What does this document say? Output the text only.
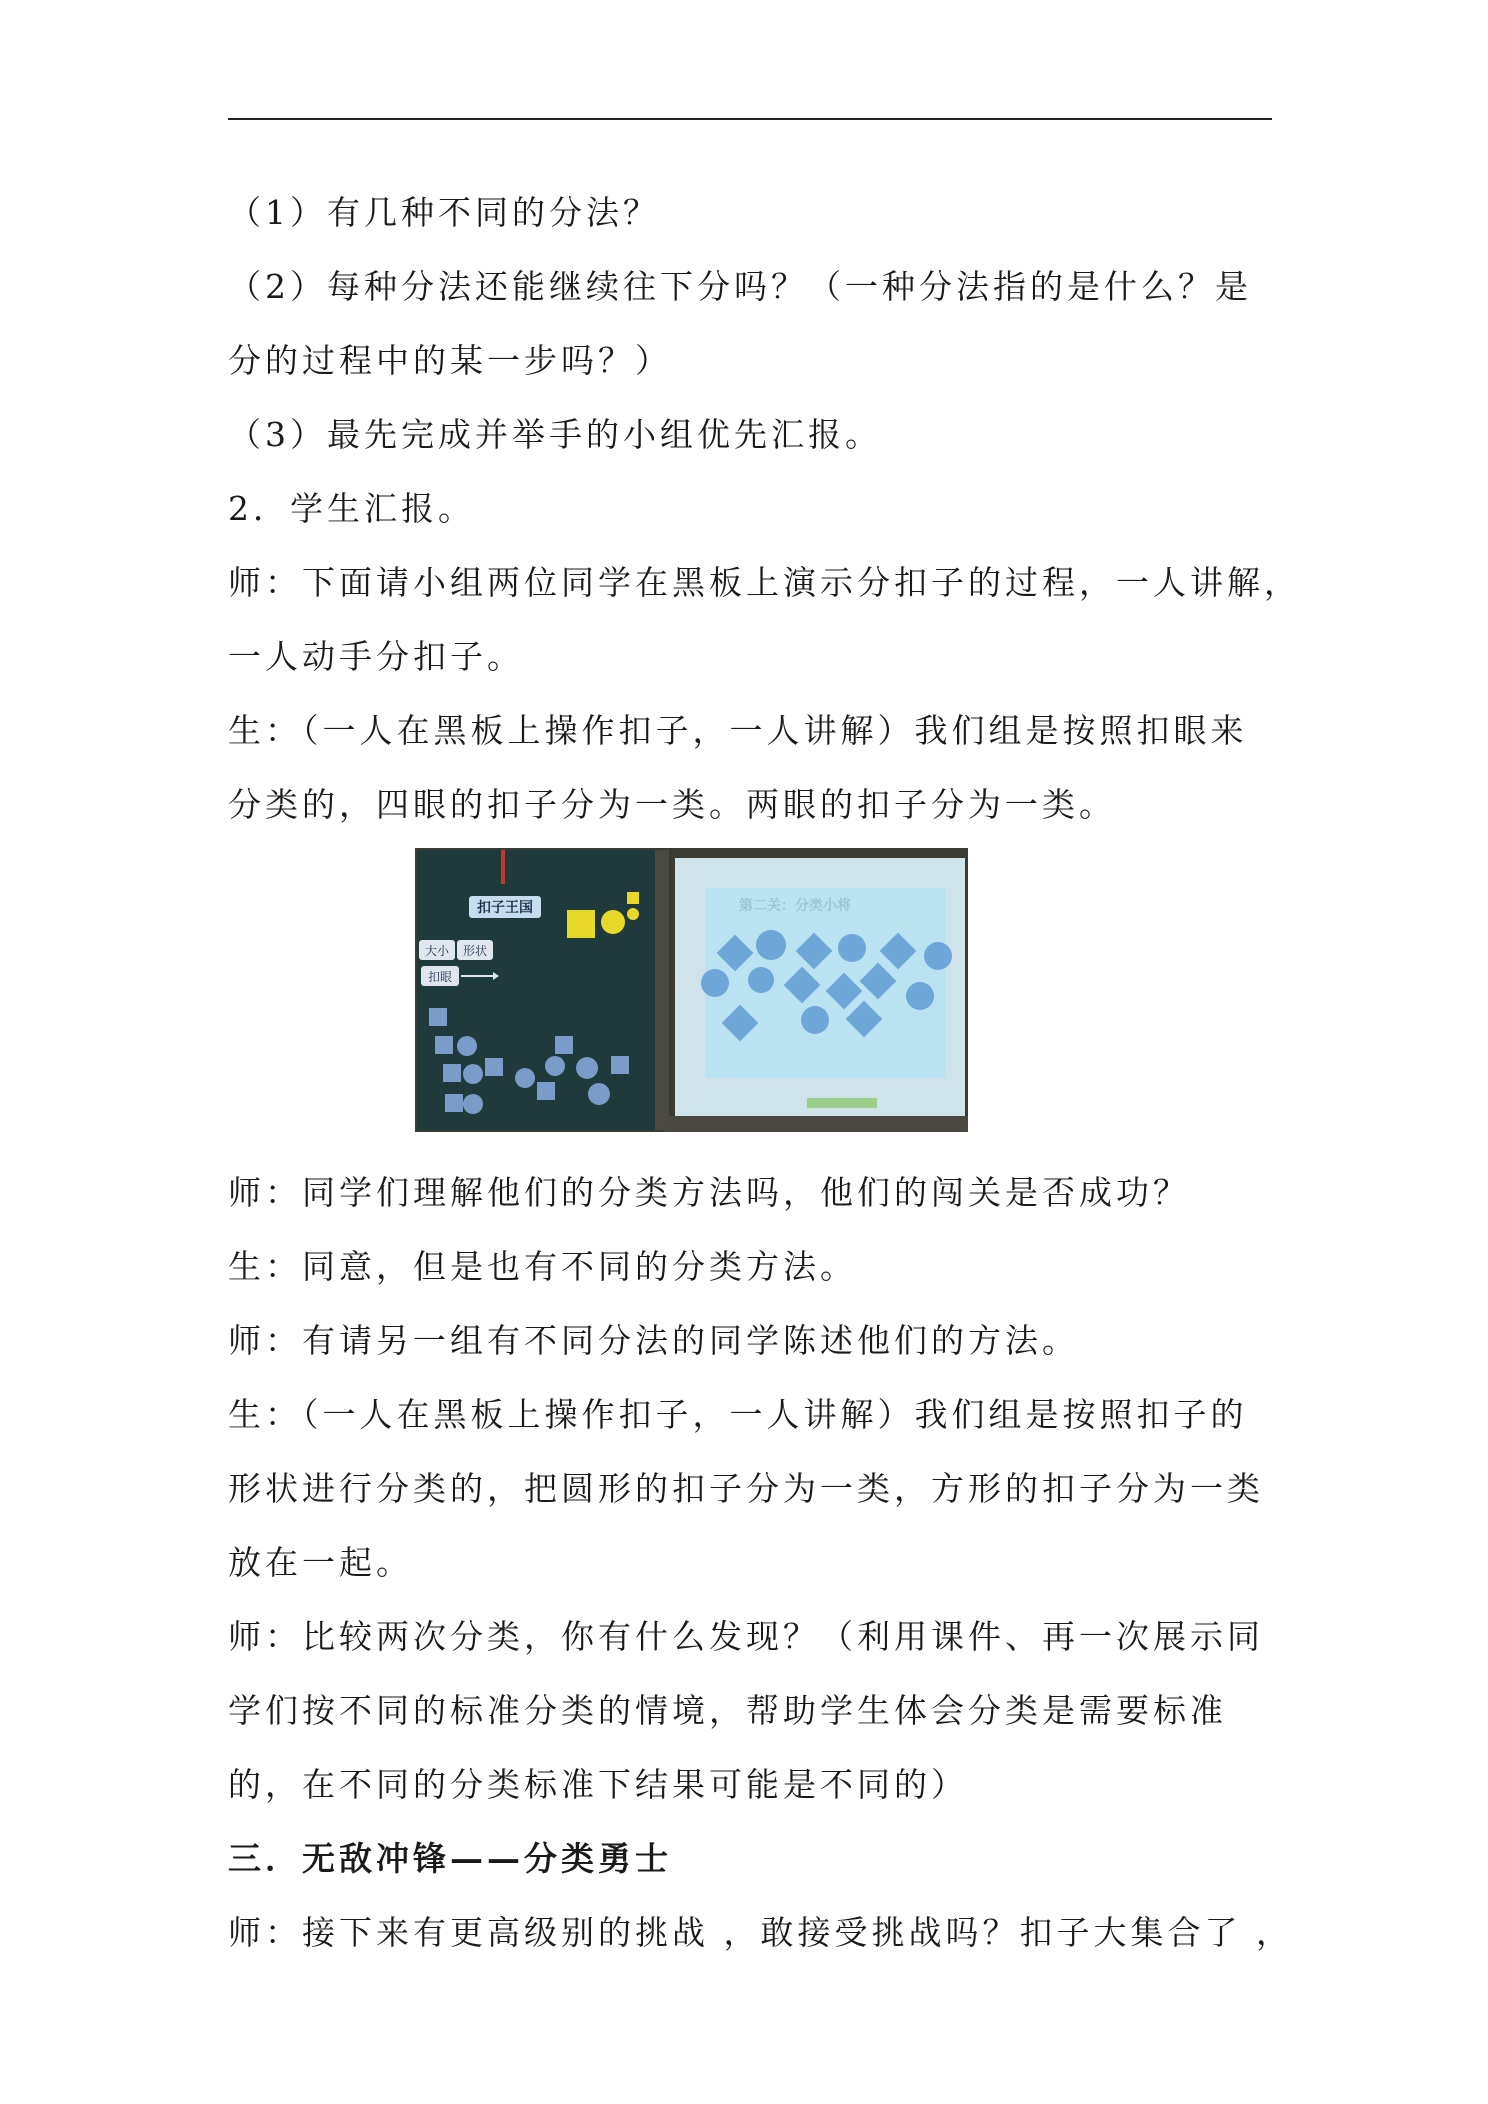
（1）有几种不同的分法？
（2）每种分法还能继续往下分吗？（一种分法指的是什么？是
分的过程中的某一步吗？）
（3）最先完成并举手的小组优先汇报。
2．学生汇报。
师：下面请小组两位同学在黑板上演示分扣子的过程，一人讲解，
一人动手分扣子。
生：（一人在黑板上操作扣子，一人讲解）我们组是按照扣眼来
分类的，四眼的扣子分为一类。两眼的扣子分为一类。
扣子王国
大小 形状
扣眼
第二关：分类小将
师：同学们理解他们的分类方法吗，他们的闯关是否成功？
生：同意，但是也有不同的分类方法。
师：有请另一组有不同分法的同学陈述他们的方法。
生：（一人在黑板上操作扣子，一人讲解）我们组是按照扣子的
形状进行分类的，把圆形的扣子分为一类，方形的扣子分为一类
放在一起。
师：比较两次分类，你有什么发现？（利用课件、再一次展示同
学们按不同的标准分类的情境，帮助学生体会分类是需要标准
的，在不同的分类标准下结果可能是不同的）
三．无敌冲锋——分类勇士
师：接下来有更高级别的挑战 ，敢接受挑战吗？扣子大集合了 ，
